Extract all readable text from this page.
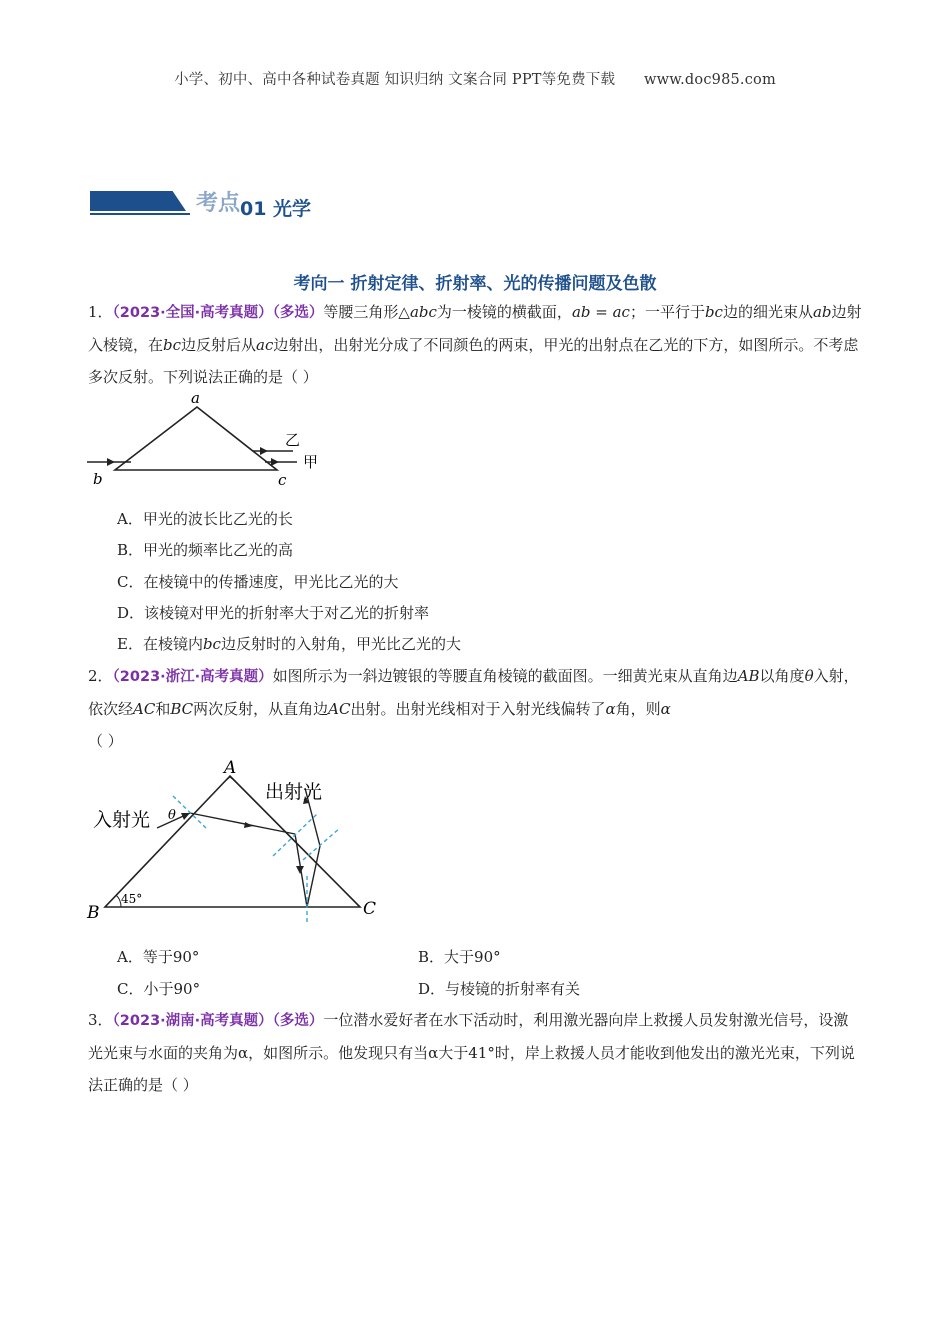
小学、初中、高中各种试卷真题 知识归纳 文案合同 PPT等免费下载 www.doc985.com
考点 01 光学
考向一 折射定律、折射率、光的传播问题及色散
1．（2023·全国·高考真题）（多选）等腰三角形△abc为一棱镜的横截面，ab = ac；一平行于bc边的细光束从ab边射入棱镜，在bc边反射后从ac边射出，出射光分成了不同颜色的两束，甲光的出射点在乙光的下方，如图所示。不考虑多次反射。下列说法正确的是（ ）
a
b	c
乙
甲
A．甲光的波长比乙光的长
B．甲光的频率比乙光的高
C．在棱镜中的传播速度，甲光比乙光的大
D．该棱镜对甲光的折射率大于对乙光的折射率
E．在棱镜内bc边反射时的入射角，甲光比乙光的大
2．（2023·浙江·高考真题）如图所示为一斜边镀银的等腰直角棱镜的截面图。一细黄光束从直角边AB以角度θ入射，依次经AC和BC两次反射，从直角边AC出射。出射光线相对于入射光线偏转了α角，则α
（ ）
A
B	C
入射光
出射光
θ
45°
A．等于90°	B．大于90°
C．小于90°	D．与棱镜的折射率有关
3．（2023·湖南·高考真题）（多选）一位潜水爱好者在水下活动时，利用激光器向岸上救援人员发射激光信号，设激光光束与水面的夹角为α，如图所示。他发现只有当α大于41°时，岸上救援人员才能收到他发出的激光光束，下列说法正确的是（ ）
